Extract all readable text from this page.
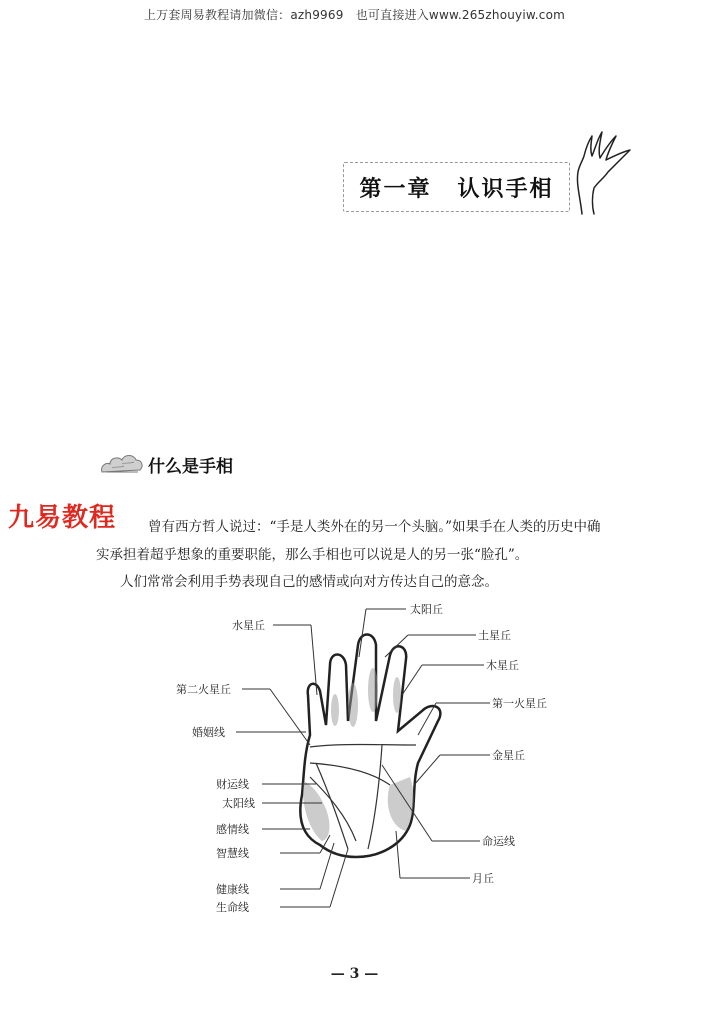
上万套周易教程请加微信：azh9969　也可直接进入www.265zhouyiw.com
第一章 认识手相
什么是手相
九易教程 曾有西方哲人说过：“手是人类外在的另一个头脑。”如果手在人类的历史中确
实承担着超乎想象的重要职能，那么手相也可以说是人的另一张“脸孔”。
人们常常会利用手势表现自己的感情或向对方传达自己的意念。
太阳丘
水星丘
土星丘
木星丘
第二火星丘
第一火星丘
婚姻线
金星丘
财运线
太阳线
感情线
命运线
智慧线
月丘
健康线
生命线
— 3 —
